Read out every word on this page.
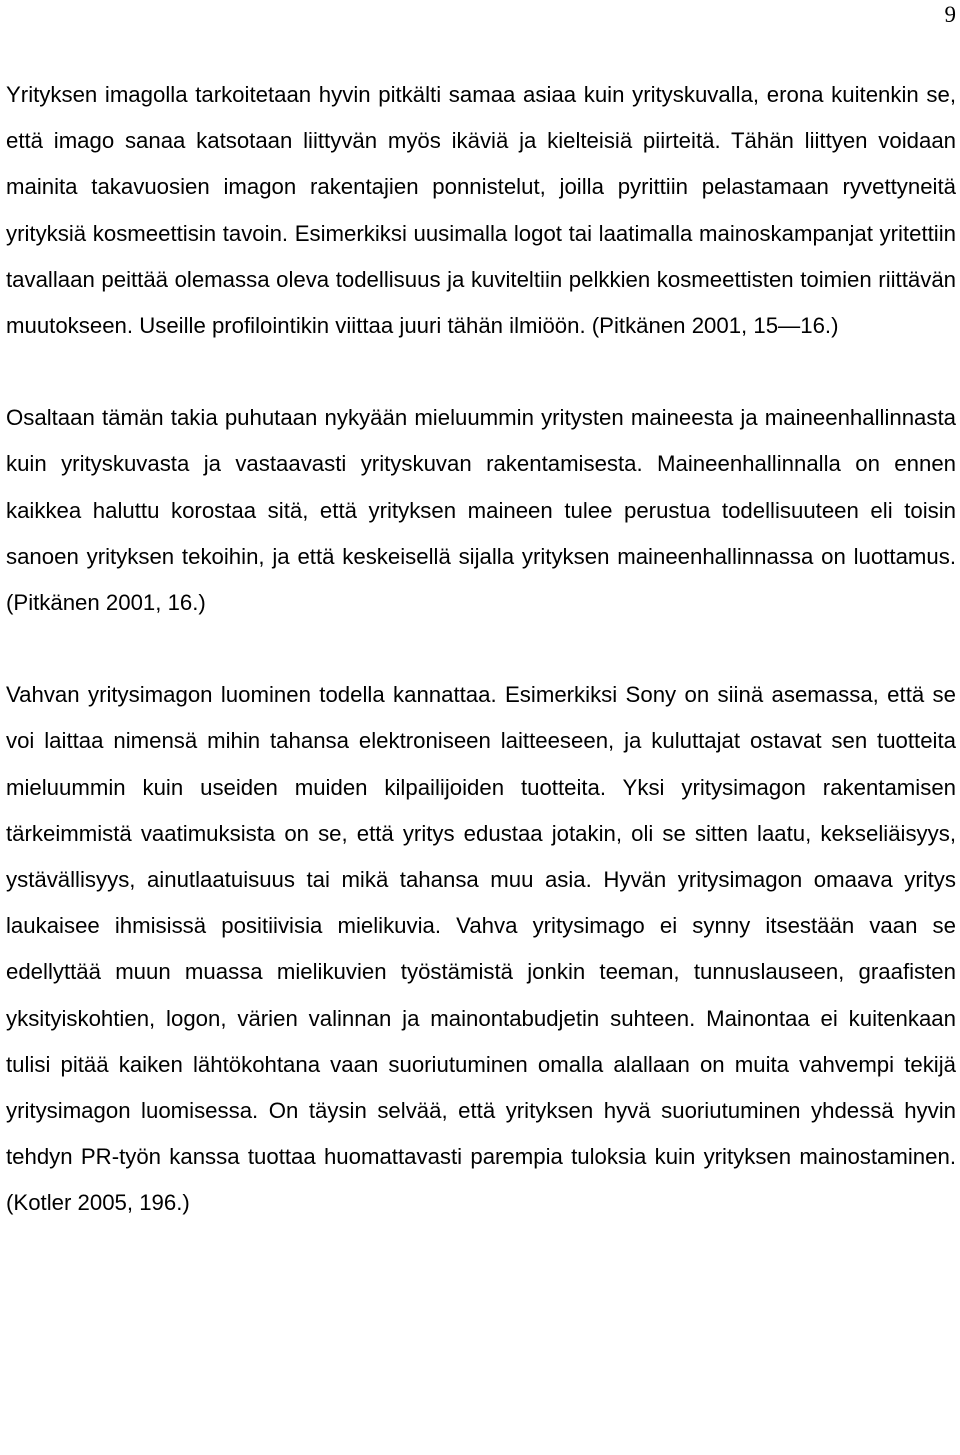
9

Yrityksen imagolla tarkoitetaan hyvin pitkälti samaa asiaa kuin yrityskuvalla, erona kuitenkin se, että imago sanaa katsotaan liittyvän myös ikäviä ja kielteisiä piirteitä. Tähän liittyen voidaan mainita takavuosien imagon rakentajien ponnistelut, joilla pyrittiin pelastamaan ryvettyneitä yrityksiä kosmeettisin tavoin. Esimerkiksi uusimalla logot tai laatimalla mainoskampanjat yritettiin tavallaan peittää olemassa oleva todellisuus ja kuviteltiin pelkkien kosmeettisten toimien riittävän muutokseen. Useille profilointikin viittaa juuri tähän ilmiöön. (Pitkänen 2001, 15—16.)

Osaltaan tämän takia puhutaan nykyään mieluummin yritysten maineesta ja maineenhallinnasta kuin yrityskuvasta ja vastaavasti yrityskuvan rakentamisesta. Maineenhallinnalla on ennen kaikkea haluttu korostaa sitä, että yrityksen maineen tulee perustua todellisuuteen eli toisin sanoen yrityksen tekoihin, ja että keskeisellä sijalla yrityksen maineenhallinnassa on luottamus. (Pitkänen 2001, 16.)

Vahvan yritysimagon luominen todella kannattaa. Esimerkiksi Sony on siinä asemassa, että se voi laittaa nimensä mihin tahansa elektroniseen laitteeseen, ja kuluttajat ostavat sen tuotteita mieluummin kuin useiden muiden kilpailijoiden tuotteita. Yksi yritysimagon rakentamisen tärkeimmistä vaatimuksista on se, että yritys edustaa jotakin, oli se sitten laatu, kekseliäisyys, ystävällisyys, ainutlaatuisuus tai mikä tahansa muu asia. Hyvän yritysimagon omaava yritys laukaisee ihmisissä positiivisia mielikuvia. Vahva yritysimago ei synny itsestään vaan se edellyttää muun muassa mielikuvien työstämistä jonkin teeman, tunnuslauseen, graafisten yksityiskohtien, logon, värien valinnan ja mainontabudjetin suhteen. Mainontaa ei kuitenkaan tulisi pitää kaiken lähtökohtana vaan suoriutuminen omalla alallaan on muita vahvempi tekijä yritysimagon luomisessa. On täysin selvää, että yrityksen hyvä suoriutuminen yhdessä hyvin tehdyn PR-työn kanssa tuottaa huomattavasti parempia tuloksia kuin yrityksen mainostaminen. (Kotler 2005, 196.)
